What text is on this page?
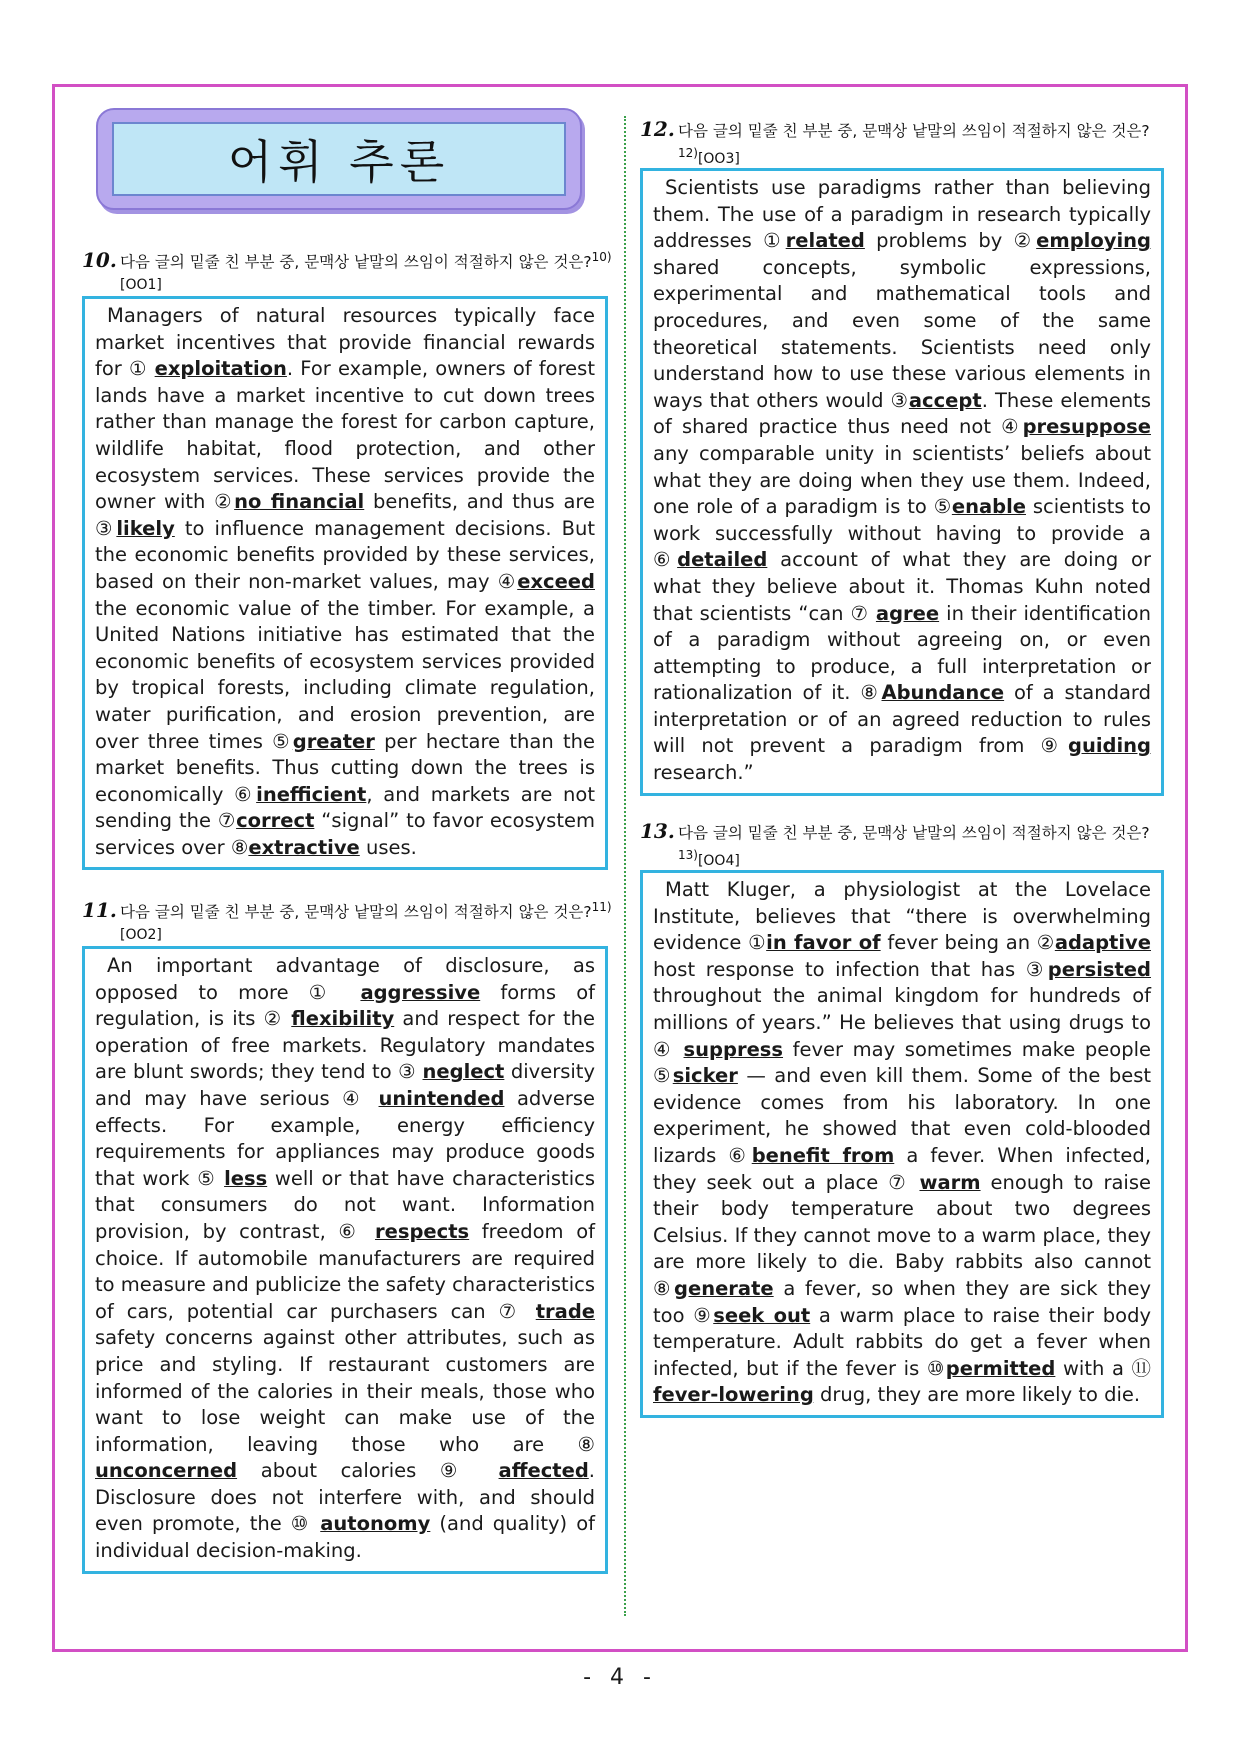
어휘 추론
10. 다음 글의 밑줄 친 부분 중, 문맥상 낱말의 쓰임이 적절하지 않은 것은?$^{10)}$[OO1]

Managers of natural resources typically face market incentives that provide financial rewards for ① exploitation. For example, owners of forest lands have a market incentive to cut down trees rather than manage the forest for carbon capture, wildlife habitat, flood protection, and other ecosystem services. These services provide the owner with ②no financial benefits, and thus are ③likely to influence management decisions. But the economic benefits provided by these services, based on their non-market values, may ④exceed the economic value of the timber. For example, a United Nations initiative has estimated that the economic benefits of ecosystem services provided by tropical forests, including climate regulation, water purification, and erosion prevention, are over three times ⑤greater per hectare than the market benefits. Thus cutting down the trees is economically ⑥inefficient, and markets are not sending the ⑦correct “signal” to favor ecosystem services over ⑧extractive uses.

11. 다음 글의 밑줄 친 부분 중, 문맥상 낱말의 쓰임이 적절하지 않은 것은?$^{11)}$[OO2]

An important advantage of disclosure, as opposed to more ① aggressive forms of regulation, is its ② flexibility and respect for the operation of free markets. Regulatory mandates are blunt swords; they tend to ③ neglect diversity and may have serious ④ unintended adverse effects. For example, energy efficiency requirements for appliances may produce goods that work ⑤ less well or that have characteristics that consumers do not want. Information provision, by contrast, ⑥ respects freedom of choice. If automobile manufacturers are required to measure and publicize the safety characteristics of cars, potential car purchasers can ⑦ trade safety concerns against other attributes, such as price and styling. If restaurant customers are informed of the calories in their meals, those who want to lose weight can make use of the information, leaving those who are ⑧ unconcerned about calories ⑨ affected. Disclosure does not interfere with, and should even promote, the ⑩ autonomy (and quality) of individual decision-making.

12. 다음 글의 밑줄 친 부분 중, 문맥상 낱말의 쓰임이 적절하지 않은 것은?$^{12)}$[OO3]

Scientists use paradigms rather than believing them. The use of a paradigm in research typically addresses ①related problems by ②employing shared concepts, symbolic expressions, experimental and mathematical tools and procedures, and even some of the same theoretical statements. Scientists need only understand how to use these various elements in ways that others would ③accept. These elements of shared practice thus need not ④presuppose any comparable unity in scientists’ beliefs about what they are doing when they use them. Indeed, one role of a paradigm is to ⑤enable scientists to work successfully without having to provide a ⑥detailed account of what they are doing or what they believe about it. Thomas Kuhn noted that scientists “can ⑦ agree in their identification of a paradigm without agreeing on, or even attempting to produce, a full interpretation or rationalization of it. ⑧Abundance of a standard interpretation or of an agreed reduction to rules will not prevent a paradigm from ⑨guiding research.”

13. 다음 글의 밑줄 친 부분 중, 문맥상 낱말의 쓰임이 적절하지 않은 것은?$^{13)}$[OO4]

Matt Kluger, a physiologist at the Lovelace Institute, believes that “there is overwhelming evidence ①in favor of fever being an ②adaptive host response to infection that has ③persisted throughout the animal kingdom for hundreds of millions of years.” He believes that using drugs to ④ suppress fever may sometimes make people ⑤sicker — and even kill them. Some of the best evidence comes from his laboratory. In one experiment, he showed that even cold-blooded lizards ⑥benefit from a fever. When infected, they seek out a place ⑦ warm enough to raise their body temperature about two degrees Celsius. If they cannot move to a warm place, they are more likely to die. Baby rabbits also cannot ⑧generate a fever, so when they are sick they too ⑨seek out a warm place to raise their body temperature. Adult rabbits do get a fever when infected, but if the fever is ⑩permitted with a ⑪ fever-lowering drug, they are more likely to die.

- 4 -
